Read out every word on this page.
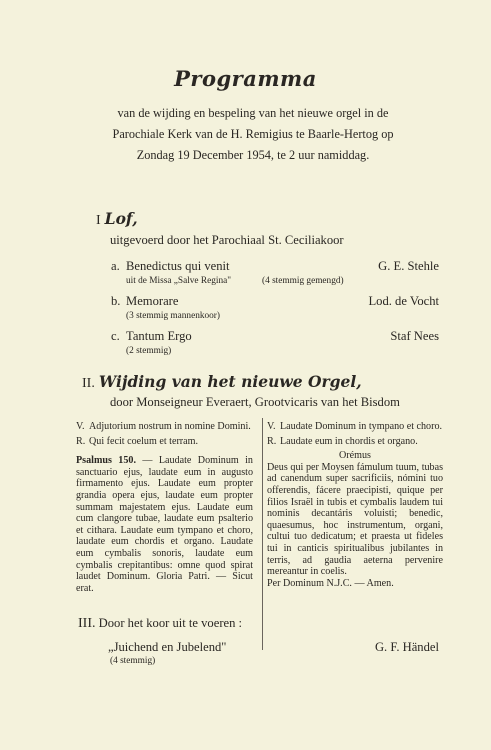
Programma
van de wijding en bespeling van het nieuwe orgel in de Parochiale Kerk van de H. Remigius te Baarle-Hertog op Zondag 19 December 1954, te 2 uur namiddag.
I Lof,
uitgevoerd door het Parochiaal St. Ceciliakoor
a. Benedictus qui venit	G. E. Stehle
uit de Missa „Salve Regina"	(4 stemmig gemengd)
b. Memorare	Lod. de Vocht
(3 stemmig mannenkoor)
c. Tantum Ergo	Staf Nees
(2 stemmig)
II. Wijding van het nieuwe Orgel,
door Monseigneur Everaert, Grootvicaris van het Bisdom
V. Adjutorium nostrum in nomine Domini.
R. Qui fecit coelum et terram.

Psalmus 150. — Laudate Dominum in sanctuario ejus, laudate eum in augusto firmamento ejus. Laudate eum propter grandia opera ejus, laudate eum propter summam majestatem ejus. Laudate eum cum clangore tubae, laudate eum psalterio et cithara. Laudate eum tympano et choro, laudate eum chordis et organo. Laudate eum cymbalis sonoris, laudate eum cymbalis crepitantibus: omne quod spirat laudet Dominum. Gloria Patri. — Sicut erat.

V. Laudate Dominum in tympano et choro.
R. Laudate eum in chordis et organo.

Orémus

Deus qui per Moysen fámulum tuum, tubas ad canendum super sacrificiis, nómini tuo offerendis, fácere praecipisti, quique per filios Israël in tubis et cymbalis laudem tui nominis decantáris voluisti; benedic, quaesumus, hoc instrumentum, organi, cultui tuo dedicatum; et praesta ut fideles tui in canticis spiritualibus jubilantes in terris, ad gaudia aeterna pervenire mereantur in coelis.

Per Dominum N.J.C. — Amen.

III. Door het koor uit te voeren :
„Juichend en Jubelend"	G. F. Händel
(4 stemmig)
